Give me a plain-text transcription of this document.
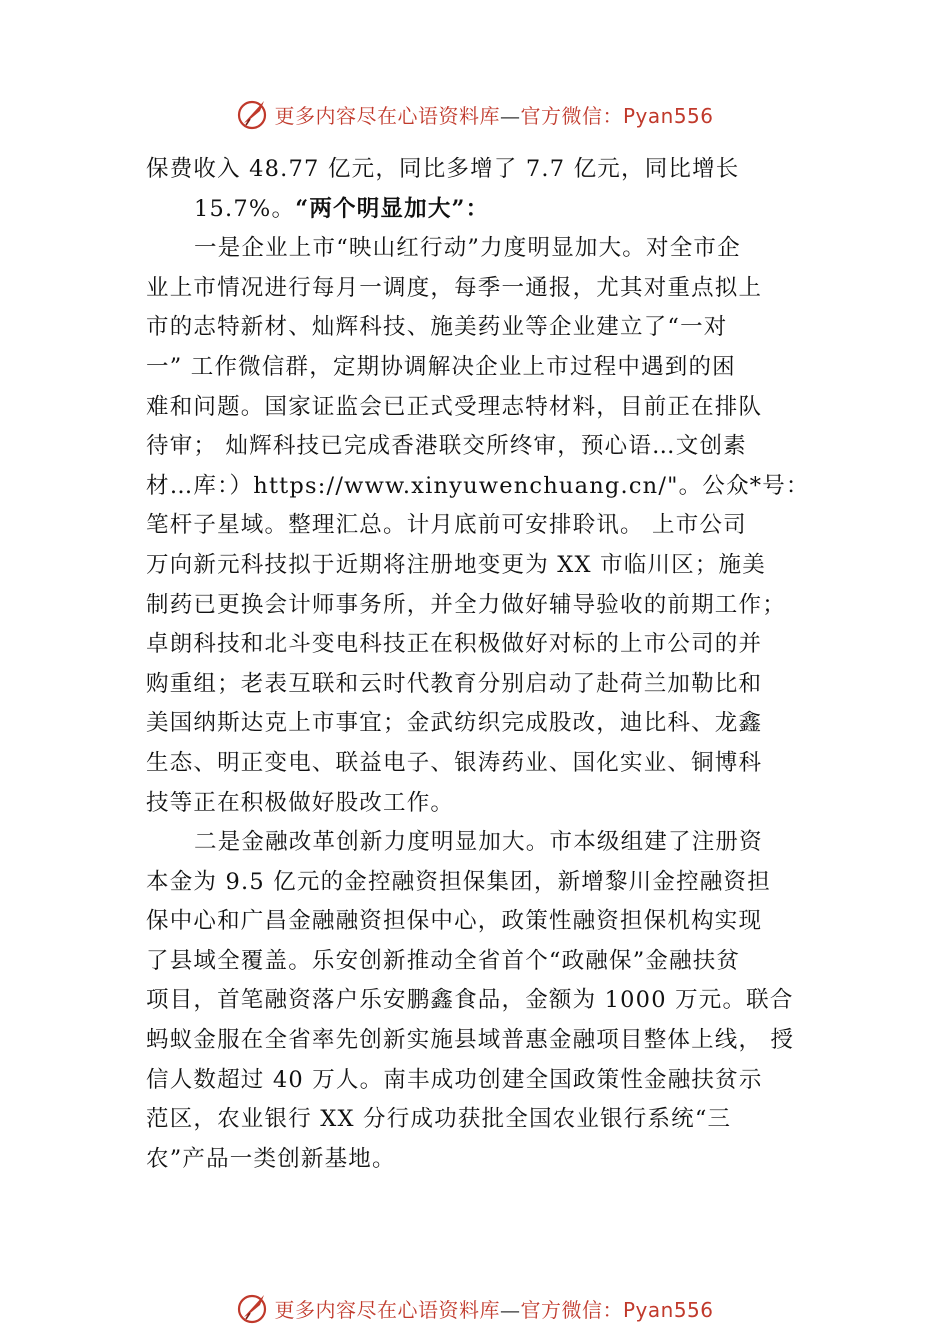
更多内容尽在心语资料库—官方微信：Pyan556
保费收入 48.77 亿元，同比多增了 7.7 亿元，同比增长
15.7%。“两个明显加大”：
一是企业上市“映山红行动”力度明显加大。对全市企
业上市情况进行每月一调度，每季一通报，尤其对重点拟上
市的志特新材、灿辉科技、施美药业等企业建立了“一对
一” 工作微信群，定期协调解决企业上市过程中遇到的困
难和问题。国家证监会已正式受理志特材料，目前正在排队
待审； 灿辉科技已完成香港联交所终审，预心语…文创素
材…库：）https://www.xinyuwenchuang.cn/"。公众*号：
笔杆子星域。整理汇总。计月底前可安排聆讯。 上市公司
万向新元科技拟于近期将注册地变更为 XX 市临川区；施美
制药已更换会计师事务所，并全力做好辅导验收的前期工作；
卓朗科技和北斗变电科技正在积极做好对标的上市公司的并
购重组；老表互联和云时代教育分别启动了赴荷兰加勒比和
美国纳斯达克上市事宜；金武纺织完成股改，迪比科、龙鑫
生态、明正变电、联益电子、银涛药业、国化实业、铜博科
技等正在积极做好股改工作。
二是金融改革创新力度明显加大。市本级组建了注册资
本金为 9.5 亿元的金控融资担保集团，新增黎川金控融资担
保中心和广昌金融融资担保中心，政策性融资担保机构实现
了县域全覆盖。乐安创新推动全省首个“政融保”金融扶贫
项目，首笔融资落户乐安鹏鑫食品，金额为 1000 万元。联合
蚂蚁金服在全省率先创新实施县域普惠金融项目整体上线， 授
信人数超过 40 万人。南丰成功创建全国政策性金融扶贫示
范区，农业银行 XX 分行成功获批全国农业银行系统“三
农”产品一类创新基地。
更多内容尽在心语资料库—官方微信：Pyan556
